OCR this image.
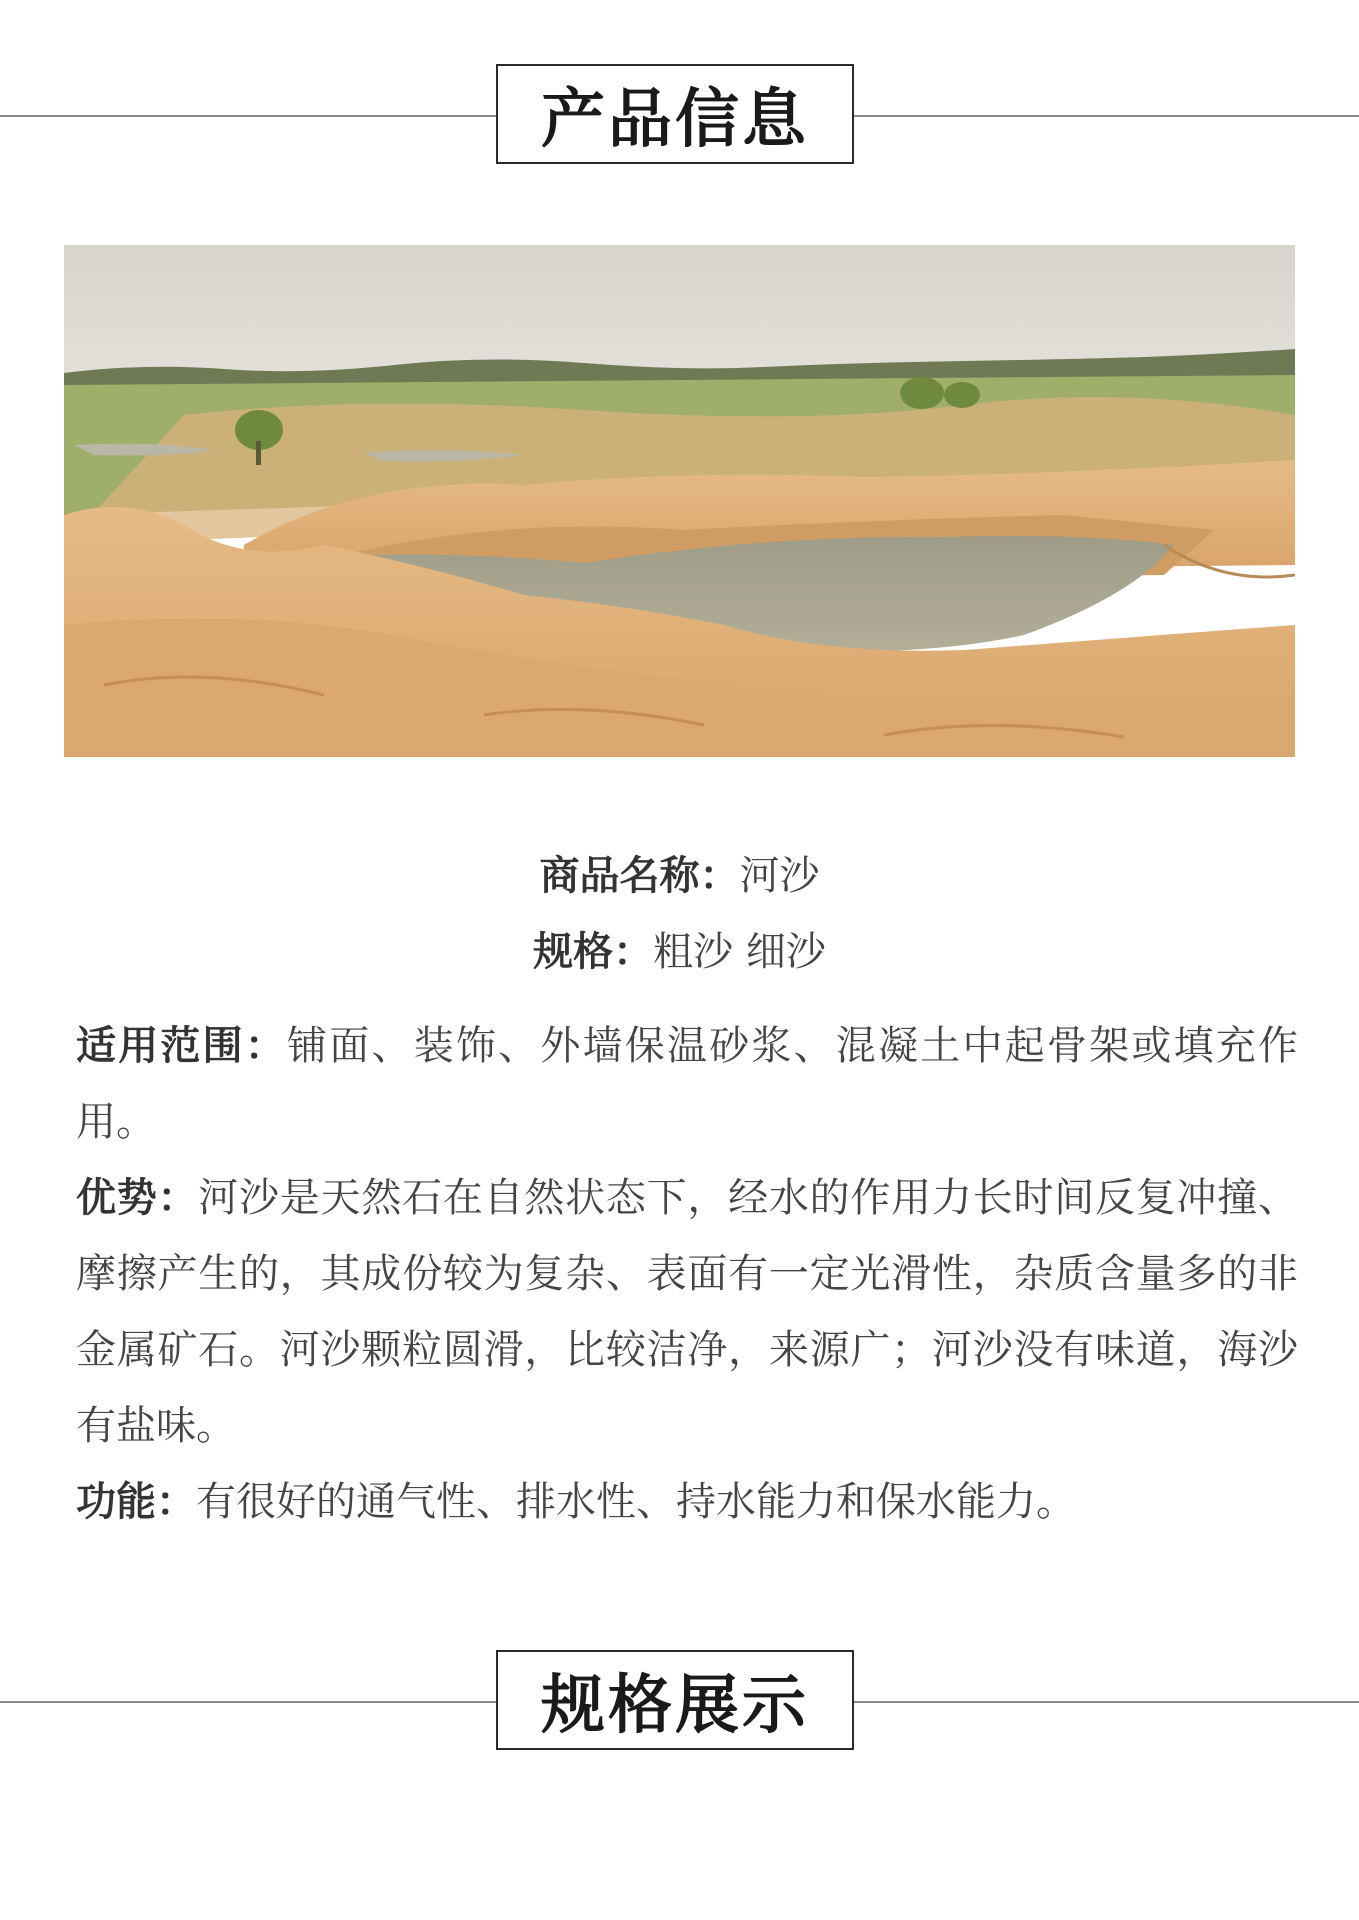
产品信息
商品名称：河沙
规格：粗沙 细沙

适用范围：铺面、装饰、外墙保温砂浆、混凝土中起骨架或填充作用。

优势：河沙是天然石在自然状态下，经水的作用力长时间反复冲撞、摩擦产生的，其成份较为复杂、表面有一定光滑性，杂质含量多的非金属矿石。河沙颗粒圆滑，比较洁净，来源广；河沙没有味道，海沙有盐味。

功能：有很好的通气性、排水性、持水能力和保水能力。

规格展示
